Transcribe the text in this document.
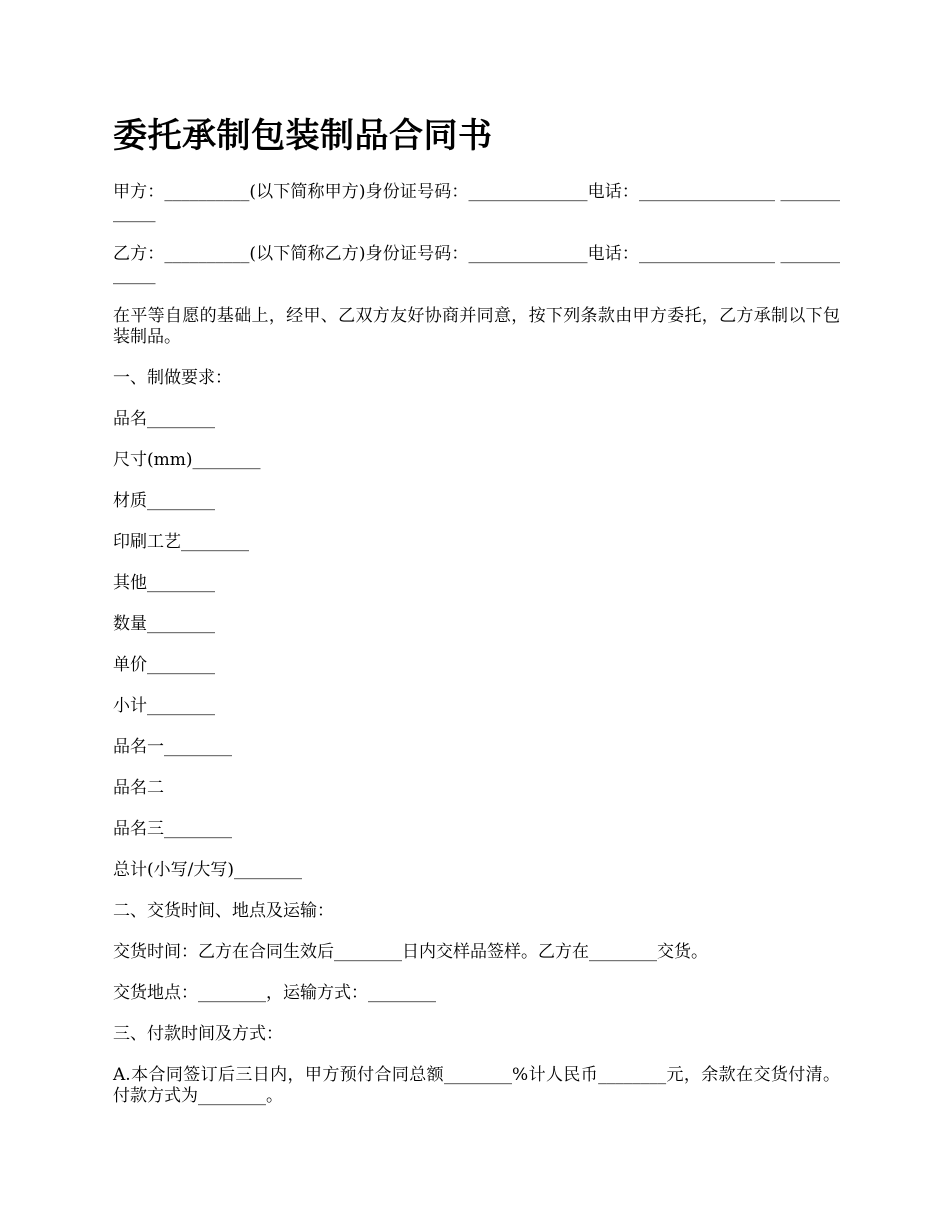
委托承制包装制品合同书

甲方：__________(以下简称甲方)身份证号码：______________电话：________________ ____________

乙方：__________(以下简称乙方)身份证号码：______________电话：________________ ____________

在平等自愿的基础上，经甲、乙双方友好协商并同意，按下列条款由甲方委托，乙方承制以下包装制品。

一、制做要求：

品名________

尺寸(mm)________

材质________

印刷工艺________

其他________

数量________

单价________

小计________

品名一________

品名二

品名三________

总计(小写/大写)________

二、交货时间、地点及运输：

交货时间：乙方在合同生效后________日内交样品签样。乙方在________交货。

交货地点：________，运输方式：________

三、付款时间及方式：

A.本合同签订后三日内，甲方预付合同总额________%计人民币________元，余款在交货付清。付款方式为________。
